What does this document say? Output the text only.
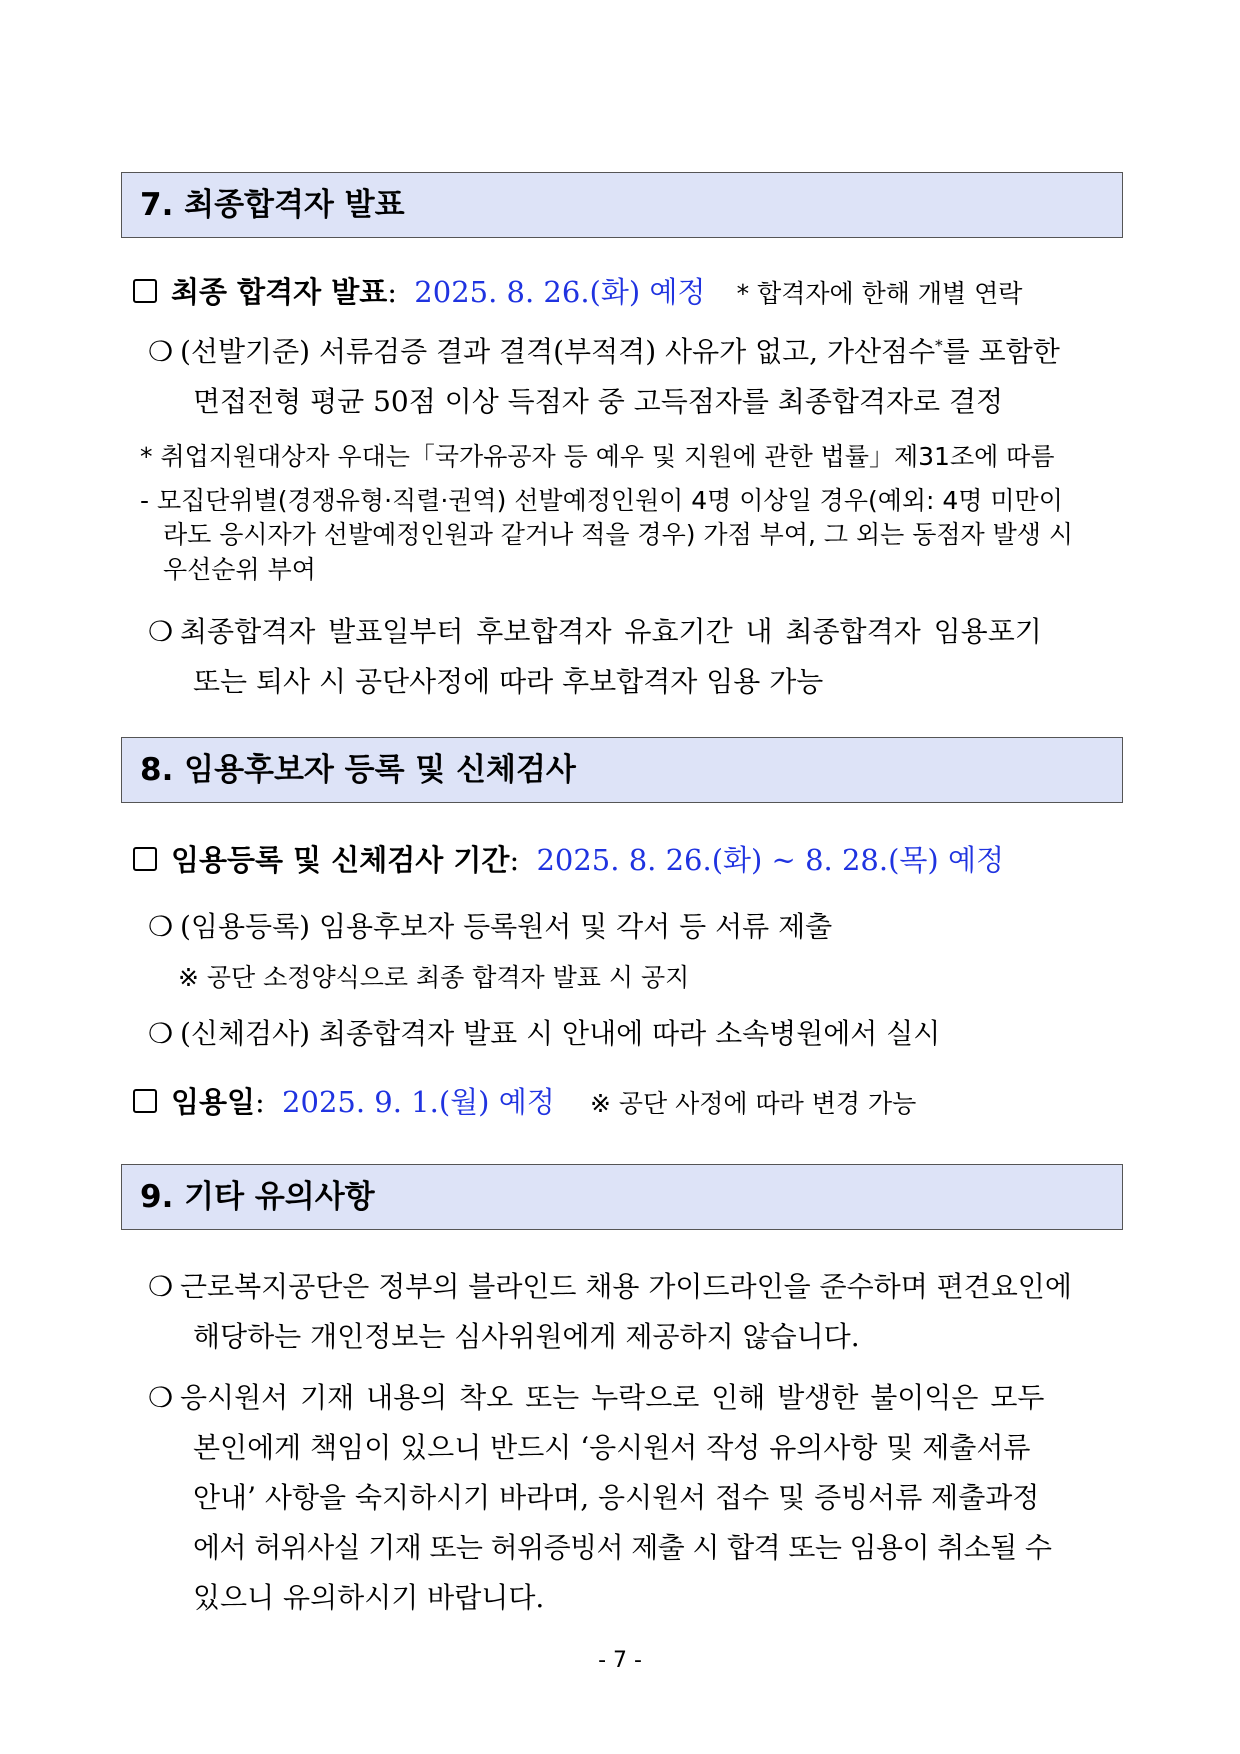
7. 최종합격자 발표
최종 합격자 발표: 2025. 8. 26.(화) 예정 * 합격자에 한해 개별 연락
❍ (선발기준) 서류검증 결과 결격(부적격) 사유가 없고, 가산점수*를 포함한
면접전형 평균 50점 이상 득점자 중 고득점자를 최종합격자로 결정
* 취업지원대상자 우대는「국가유공자 등 예우 및 지원에 관한 법률」제31조에 따름
- 모집단위별(경쟁유형·직렬·권역) 선발예정인원이 4명 이상일 경우(예외: 4명 미만이
라도 응시자가 선발예정인원과 같거나 적을 경우) 가점 부여, 그 외는 동점자 발생 시
우선순위 부여
❍ 최종합격자 발표일부터 후보합격자 유효기간 내 최종합격자 임용포기
또는 퇴사 시 공단사정에 따라 후보합격자 임용 가능
8. 임용후보자 등록 및 신체검사
임용등록 및 신체검사 기간: 2025. 8. 26.(화) ~ 8. 28.(목) 예정
❍ (임용등록) 임용후보자 등록원서 및 각서 등 서류 제출
※ 공단 소정양식으로 최종 합격자 발표 시 공지
❍ (신체검사) 최종합격자 발표 시 안내에 따라 소속병원에서 실시
임용일: 2025. 9. 1.(월) 예정 ※ 공단 사정에 따라 변경 가능
9. 기타 유의사항
❍ 근로복지공단은 정부의 블라인드 채용 가이드라인을 준수하며 편견요인에
해당하는 개인정보는 심사위원에게 제공하지 않습니다.
❍ 응시원서 기재 내용의 착오 또는 누락으로 인해 발생한 불이익은 모두
본인에게 책임이 있으니 반드시 ‘응시원서 작성 유의사항 및 제출서류
안내’ 사항을 숙지하시기 바라며, 응시원서 접수 및 증빙서류 제출과정
에서 허위사실 기재 또는 허위증빙서 제출 시 합격 또는 임용이 취소될 수
있으니 유의하시기 바랍니다.
- 7 -
